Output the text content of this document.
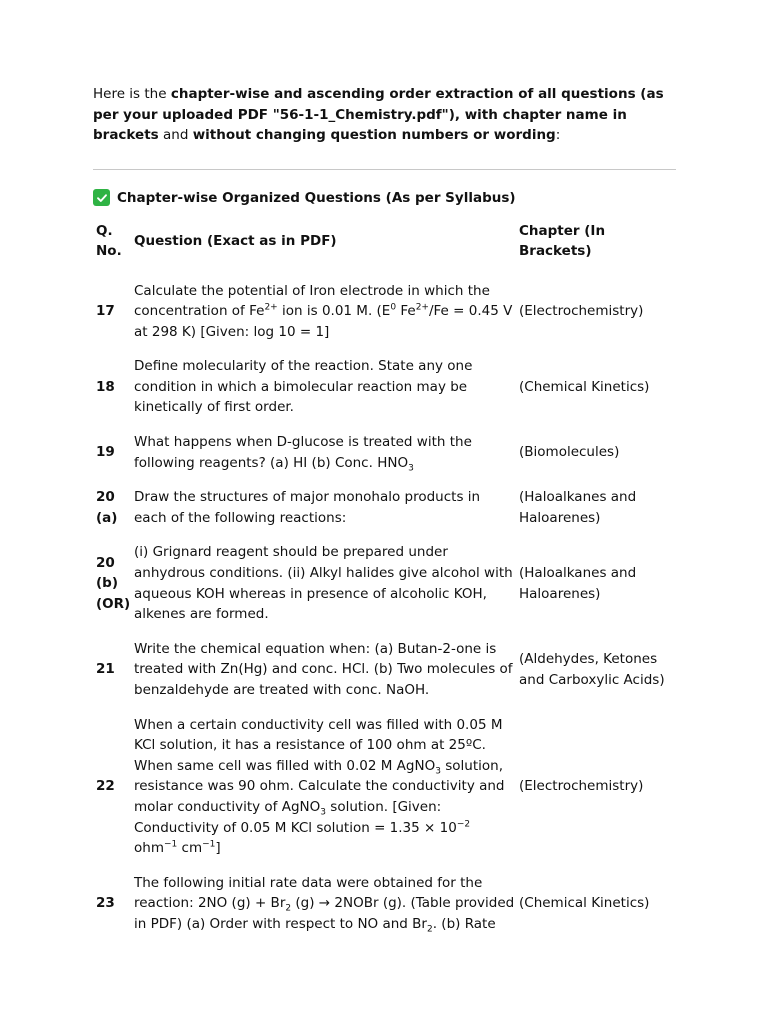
Here is the chapter-wise and ascending order extraction of all questions (as per your uploaded PDF "56-1-1_Chemistry.pdf"), with chapter name in brackets and without changing question numbers or wording:

Chapter-wise Organized Questions (As per Syllabus)
Q. No.	Question (Exact as in PDF)	Chapter (In Brackets)
17	Calculate the potential of Iron electrode in which the concentration of $Fe^{2+}$ ion is 0.01 M. ($E^0$ $Fe^{2+}/Fe = 0.45$ V at 298 K) [Given: log 10 = 1]	(Electrochemistry)
18	Define molecularity of the reaction. State any one condition in which a bimolecular reaction may be kinetically of first order.	(Chemical Kinetics)
19	What happens when D-glucose is treated with the following reagents? (a) HI (b) Conc. $HNO_3$	(Biomolecules)
20 (a)	Draw the structures of major monohalo products in each of the following reactions:	(Haloalkanes and Haloarenes)
20 (b) (OR)	(i) Grignard reagent should be prepared under anhydrous conditions. (ii) Alkyl halides give alcohol with aqueous KOH whereas in presence of alcoholic KOH, alkenes are formed.	(Haloalkanes and Haloarenes)
21	Write the chemical equation when: (a) Butan-2-one is treated with Zn(Hg) and conc. HCl. (b) Two molecules of benzaldehyde are treated with conc. NaOH.	(Aldehydes, Ketones and Carboxylic Acids)
22	When a certain conductivity cell was filled with 0.05 M KCl solution, it has a resistance of 100 ohm at 25ºC. When same cell was filled with 0.02 M AgNO$_3$ solution, resistance was 90 ohm. Calculate the conductivity and molar conductivity of AgNO$_3$ solution. [Given: Conductivity of 0.05 M KCl solution = $1.35 \times 10^{-2}$ ohm$^{-1}$ $cm^{-1}$]	(Electrochemistry)
23	The following initial rate data were obtained for the reaction: 2NO $(g) + Br_2$ (g) → 2NOBr (g). (Table provided in PDF) (a) Order with respect to NO and $Br_2$. (b) Rate	(Chemical Kinetics)
